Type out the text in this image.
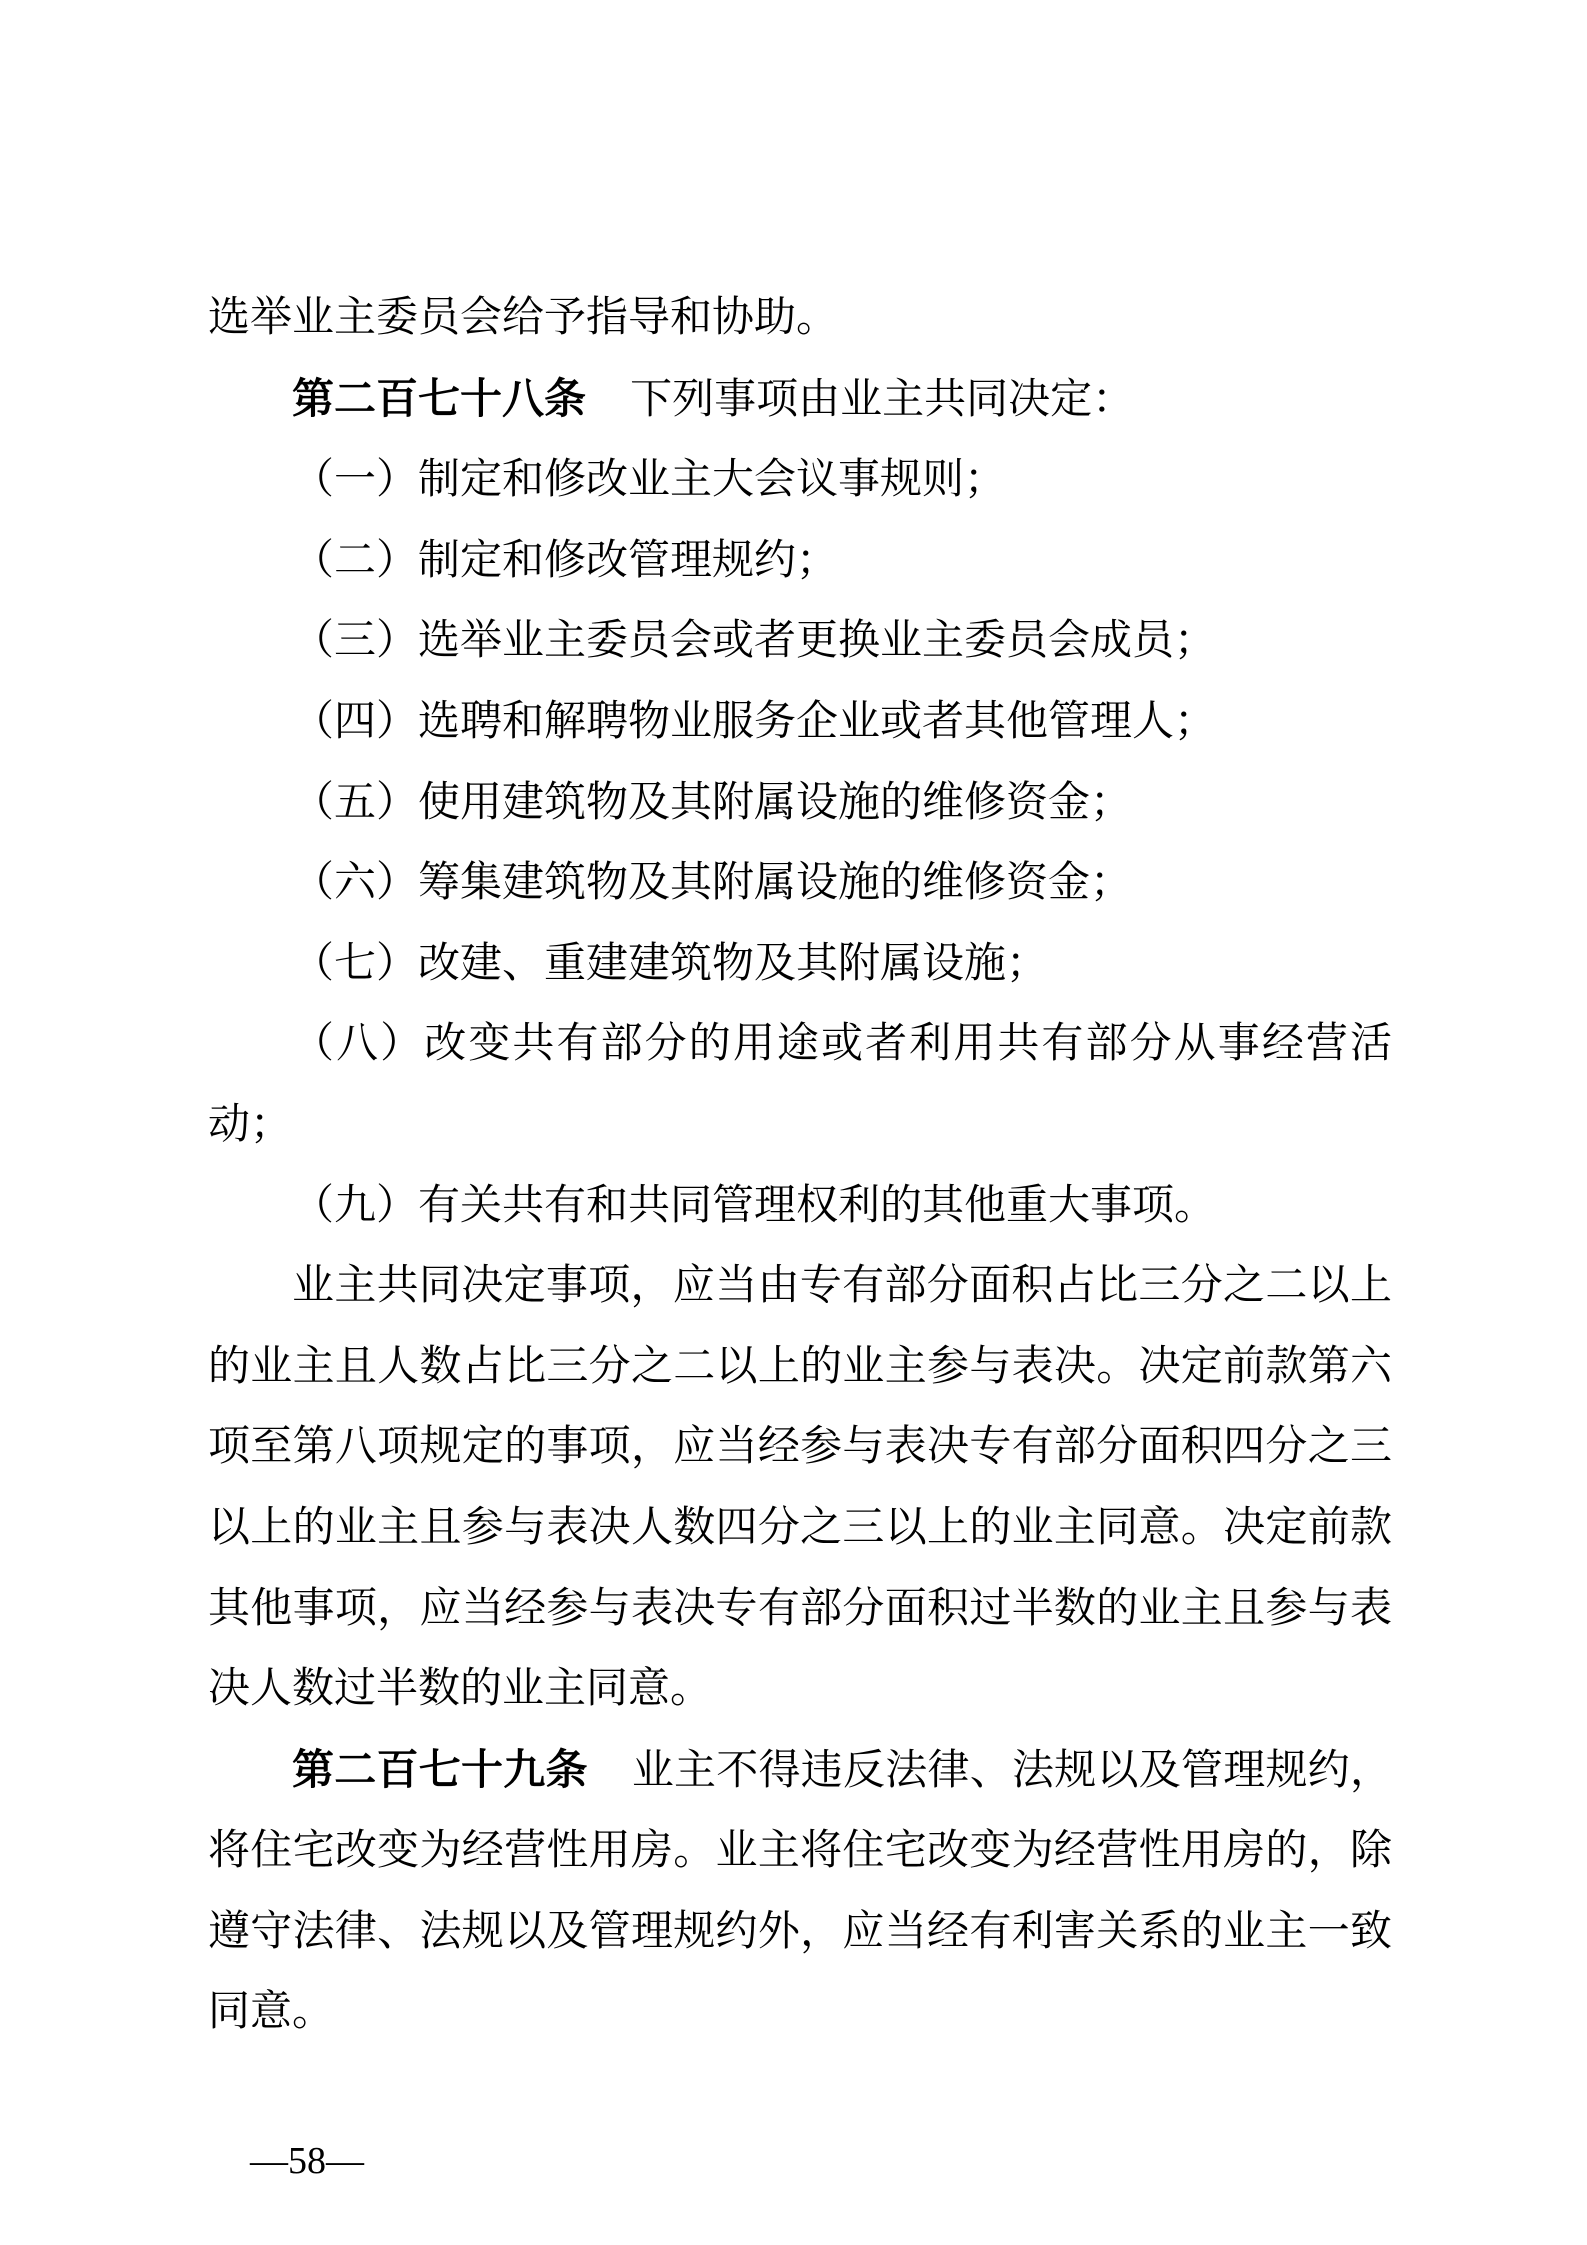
选举业主委员会给予指导和协助。

第二百七十八条 下列事项由业主共同决定：

（一）制定和修改业主大会议事规则；

（二）制定和修改管理规约；

（三）选举业主委员会或者更换业主委员会成员；

（四）选聘和解聘物业服务企业或者其他管理人；

（五）使用建筑物及其附属设施的维修资金；

（六）筹集建筑物及其附属设施的维修资金；

（七）改建、重建建筑物及其附属设施；

（八）改变共有部分的用途或者利用共有部分从事经营活动；

（九）有关共有和共同管理权利的其他重大事项。

业主共同决定事项，应当由专有部分面积占比三分之二以上的业主且人数占比三分之二以上的业主参与表决。决定前款第六项至第八项规定的事项，应当经参与表决专有部分面积四分之三以上的业主且参与表决人数四分之三以上的业主同意。决定前款其他事项，应当经参与表决专有部分面积过半数的业主且参与表决人数过半数的业主同意。

第二百七十九条 业主不得违反法律、法规以及管理规约，将住宅改变为经营性用房。业主将住宅改变为经营性用房的，除遵守法律、法规以及管理规约外，应当经有利害关系的业主一致同意。

—58—
